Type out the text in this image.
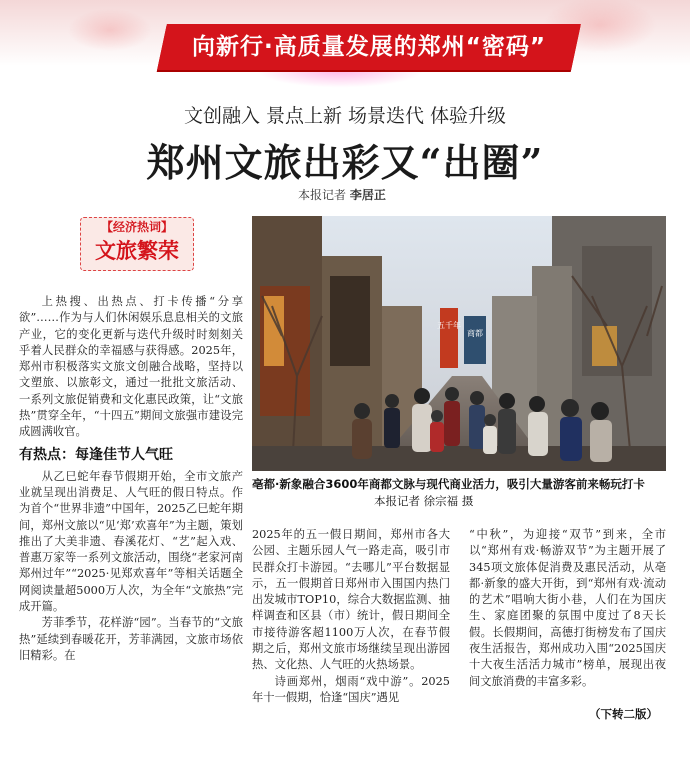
向新行·高质量发展的郑州“密码”
文创融入 景点上新 场景迭代 体验升级
郑州文旅出彩又“出圈”
本报记者 李居正
【经济热词】
文旅繁荣
五千年
商都
亳都·新象融合3600年商都文脉与现代商业活力，吸引大量游客前来畅玩打卡  本报记者 徐宗福 摄

上热搜、出热点、打卡传播“分享欲”……作为与人们休闲娱乐息息相关的文旅产业，它的变化更新与迭代升级时时刻刻关乎着人民群众的幸福感与获得感。2025年，郑州市积极落实文旅文创融合战略，坚持以文塑旅、以旅彰文，通过一批批文旅活动、一系列文旅促销费和文化惠民政策，让“文旅热”贯穿全年，“十四五”期间文旅强市建设完成圆满收官。

有热点：每逢佳节人气旺

从乙巳蛇年春节假期开始，全市文旅产业就呈现出消费足、人气旺的假日特点。作为首个“世界非遗”中国年，2025乙巳蛇年期间，郑州文旅以“见‘郑’欢喜年”为主题，策划推出了大美非遗、春溪花灯、“艺”起入戏、普惠万家等一系列文旅活动，围绕“老家河南 郑州过年”“2025·见郑欢喜年”等相关话题全网阅读量超5000万人次，为全年“文旅热”完成开篇。

芳菲季节，花样游“园”。当春节的“文旅热”延续到春暖花开，芳菲满园，文旅市场依旧精彩。在

2025年的五一假日期间，郑州市各大公园、主题乐园人气一路走高，吸引市民群众打卡游园。“去哪儿”平台数据显示，五一假期首日郑州市入围国内热门出发城市TOP10，综合大数据监测、抽样调查和区县（市）统计，假日期间全市接待游客超1100万人次，在春节假期之后，郑州文旅市场继续呈现出游园热、文化热、人气旺的火热场景。

诗画郑州，烟雨“戏中游”。2025年十一假期，恰逢“国庆”遇见

“中秋”，为迎接“双节”到来，全市以“郑州有戏·畅游双节”为主题开展了345项文旅体促消费及惠民活动，从亳都·新象的盛大开街，到“郑州有戏·流动的艺术”唱响大街小巷，人们在为国庆生、家庭团聚的氛围中度过了8天长假。长假期间，高德打街榜发布了国庆夜生活报告，郑州成功入围“2025国庆十大夜生活活力城市”榜单，展现出夜间文旅消费的丰富多彩。

（下转二版）
